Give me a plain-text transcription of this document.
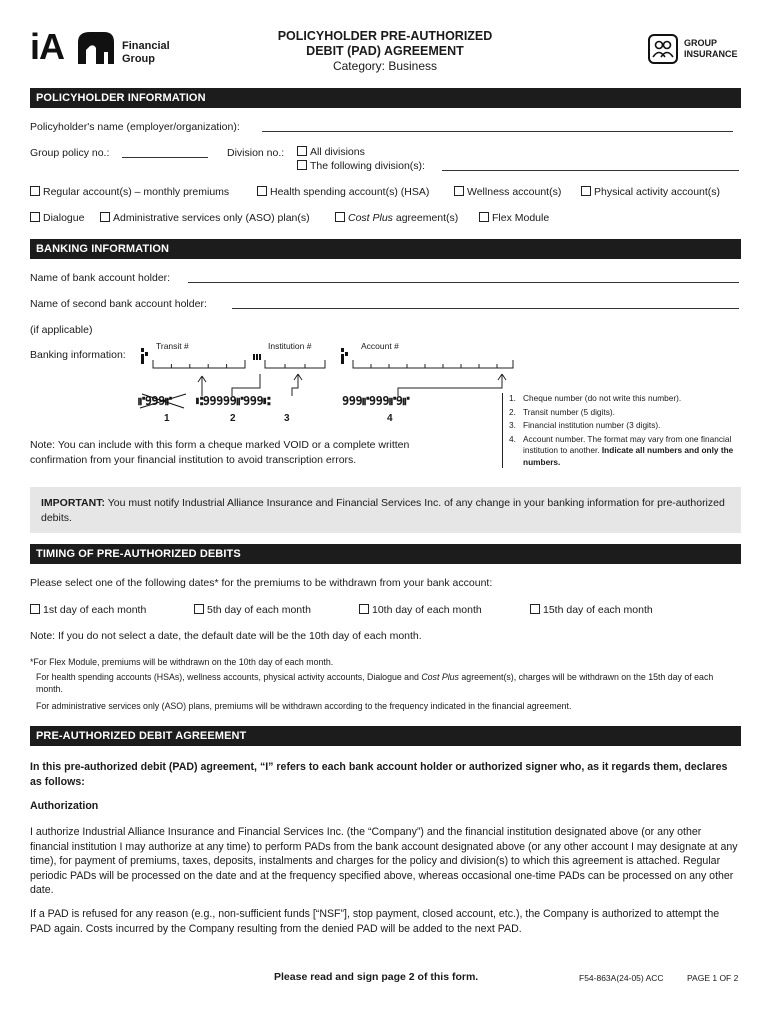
iA	Financial
Group
POLICYHOLDER PRE-AUTHORIZED
DEBIT (PAD) AGREEMENT
Category: Business
GROUP
INSURANCE
POLICYHOLDER INFORMATION
Policyholder's name (employer/organization):
Group policy no.:	Division no.:	All divisions
The following division(s):
Regular account(s) – monthly premiums	Health spending account(s) (HSA)	Wellness account(s)	Physical activity account(s)
Dialogue	Administrative services only (ASO) plan(s)	Cost Plus agreement(s)	Flex Module
BANKING INFORMATION
Name of bank account holder:
Name of second bank account holder:
(if applicable)
Banking information:
Transit #	Institution #	Account #
⑈999⑈ ⑆99999⑈999⑆	999⑈999⑈9⑈
1	2	3	4
Note: You can include with this form a cheque marked VOID or a complete written confirmation from your financial institution to avoid transcription errors.
1. Cheque number (do not write this number).
2. Transit number (5 digits).
3. Financial institution number (3 digits).
4. Account number. The format may vary from one financial institution to another. Indicate all numbers and only the numbers.
IMPORTANT: You must notify Industrial Alliance Insurance and Financial Services Inc. of any change in your banking information for pre-authorized debits.
TIMING OF PRE-AUTHORIZED DEBITS
Please select one of the following dates* for the premiums to be withdrawn from your bank account:
1st day of each month	5th day of each month	10th day of each month	15th day of each month
Note: If you do not select a date, the default date will be the 10th day of each month.
*For Flex Module, premiums will be withdrawn on the 10th day of each month.
For health spending accounts (HSAs), wellness accounts, physical activity accounts, Dialogue and Cost Plus agreement(s), charges will be withdrawn on the 15th day of each month.
For administrative services only (ASO) plans, premiums will be withdrawn according to the frequency indicated in the financial agreement.
PRE-AUTHORIZED DEBIT AGREEMENT
In this pre-authorized debit (PAD) agreement, “I” refers to each bank account holder or authorized signer who, as it regards them, declares as follows:
Authorization
I authorize Industrial Alliance Insurance and Financial Services Inc. (the “Company”) and the financial institution designated above (or any other financial institution I may authorize at any time) to perform PADs from the bank account designated above (or any other account I may designate at any time), for payment of premiums, taxes, deposits, instalments and charges for the policy and division(s) to which this agreement is attached. Regular periodic PADs will be processed on the date and at the frequency specified above, whereas occasional one-time PADs can be processed on any other date.
If a PAD is refused for any reason (e.g., non-sufficient funds [“NSF”], stop payment, closed account, etc.), the Company is authorized to attempt the PAD again. Costs incurred by the Company resulting from the denied PAD will be added to the next PAD.
Please read and sign page 2 of this form.	F54-863A(24-05) ACC	PAGE 1 OF 2
